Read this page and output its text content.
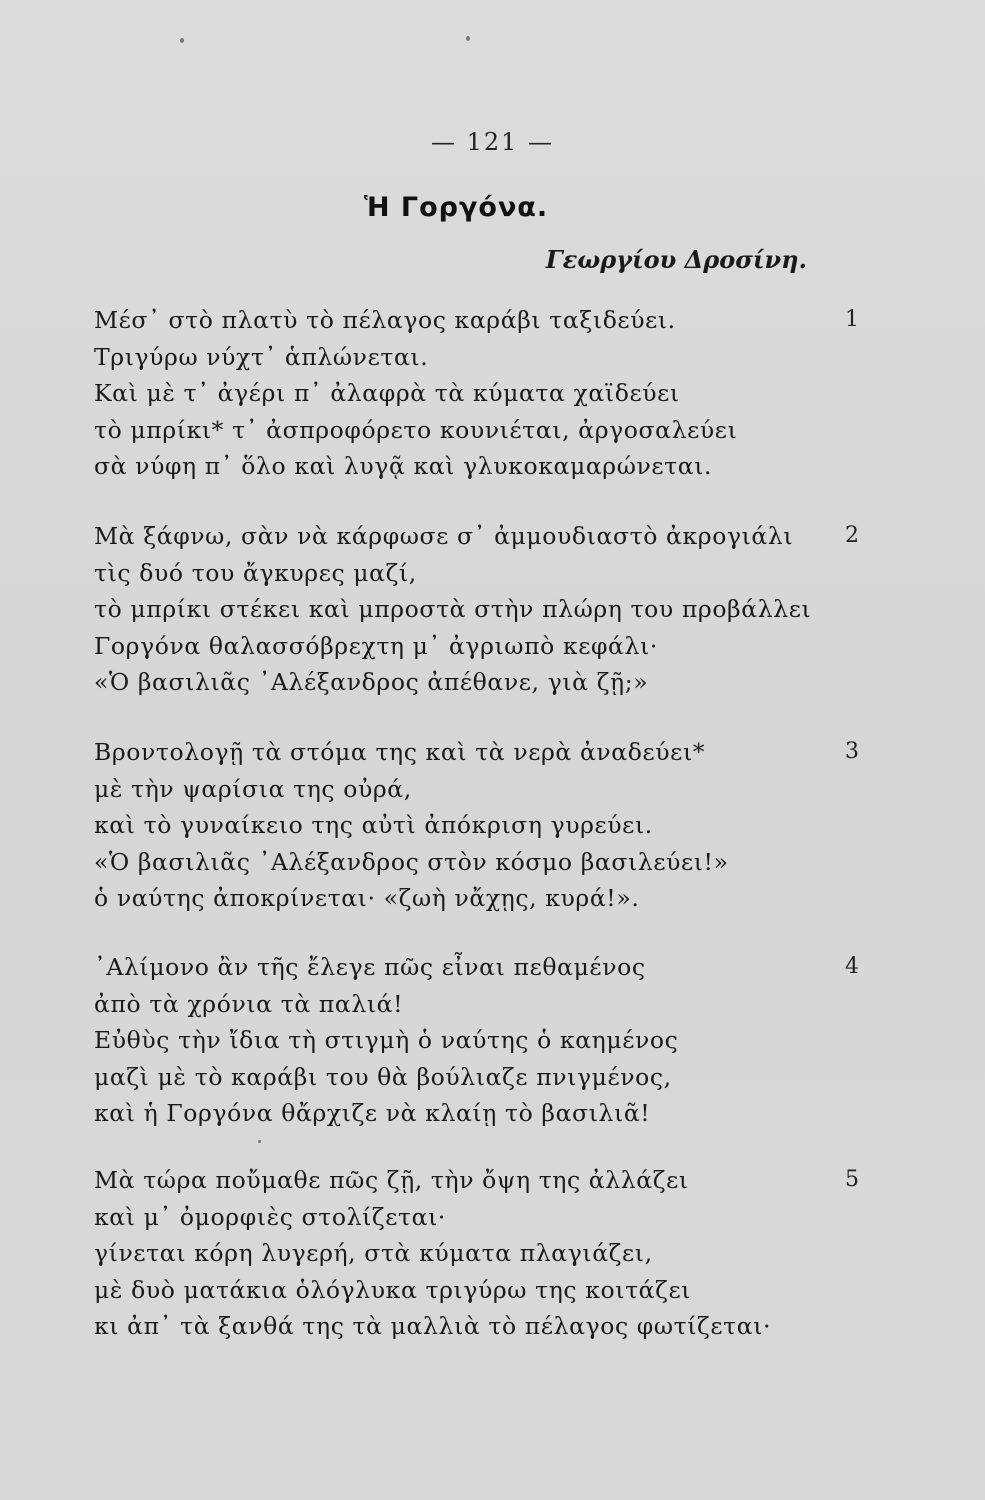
— 121 —
Ἡ Γοργόνα.
Γεωργίου Δροσίνη.
Μέσ᾿ στὸ πλατὺ τὸ πέλαγος καράβι ταξιδεύει.
Τριγύρω νύχτ᾿ ἁπλώνεται.
Καὶ μὲ τ᾿ ἀγέρι π᾿ ἀλαφρὰ τὰ κύματα χαϊδεύει
τὸ μπρίκι* τ᾿ ἀσπροφόρετο κουνιέται, ἀργοσαλεύει
σὰ νύφη π᾿ ὅλο καὶ λυγᾷ καὶ γλυκοκαμαρώνεται.
1
Μὰ ξάφνω, σὰν νὰ κάρφωσε σ᾿ ἀμμουδιαστὸ ἀκρογιάλι
τὶς δυό του ἄγκυρες μαζί,
τὸ μπρίκι στέκει καὶ μπροστὰ στὴν πλώρη του προβάλλει
Γοργόνα θαλασσόβρεχτη μ᾿ ἀγριωπὸ κεφάλι·
«Ὁ βασιλιᾶς ᾿Αλέξανδρος ἀπέθανε, γιὰ ζῇ;»
2
Βροντολογῇ τὰ στόμα της καὶ τὰ νερὰ ἀναδεύει*
μὲ τὴν ψαρίσια της οὐρά,
καὶ τὸ γυναίκειο της αὐτὶ ἀπόκριση γυρεύει.
«Ὁ βασιλιᾶς ᾿Αλέξανδρος στὸν κόσμο βασιλεύει!»
ὁ ναύτης ἀποκρίνεται· «ζωὴ νἄχῃς, κυρά!».
3
᾿Αλίμονο ἂν τῆς ἔλεγε πῶς εἶναι πεθαμένος
ἀπὸ τὰ χρόνια τὰ παλιά!
Εὐθὺς τὴν ἴδια τὴ στιγμὴ ὁ ναύτης ὁ καημένος
μαζὶ μὲ τὸ καράβι του θὰ βούλιαζε πνιγμένος,
καὶ ἡ Γοργόνα θἄρχιζε νὰ κλαίῃ τὸ βασιλιᾶ!
4
Μὰ τώρα ποὔμαθε πῶς ζῇ, τὴν ὄψη της ἀλλάζει
καὶ μ᾿ ὀμορφιὲς στολίζεται·
γίνεται κόρη λυγερή, στὰ κύματα πλαγιάζει,
μὲ δυὸ ματάκια ὁλόγλυκα τριγύρω της κοιτάζει
κι ἀπ᾿ τὰ ξανθά της τὰ μαλλιὰ τὸ πέλαγος φωτίζεται·
5
